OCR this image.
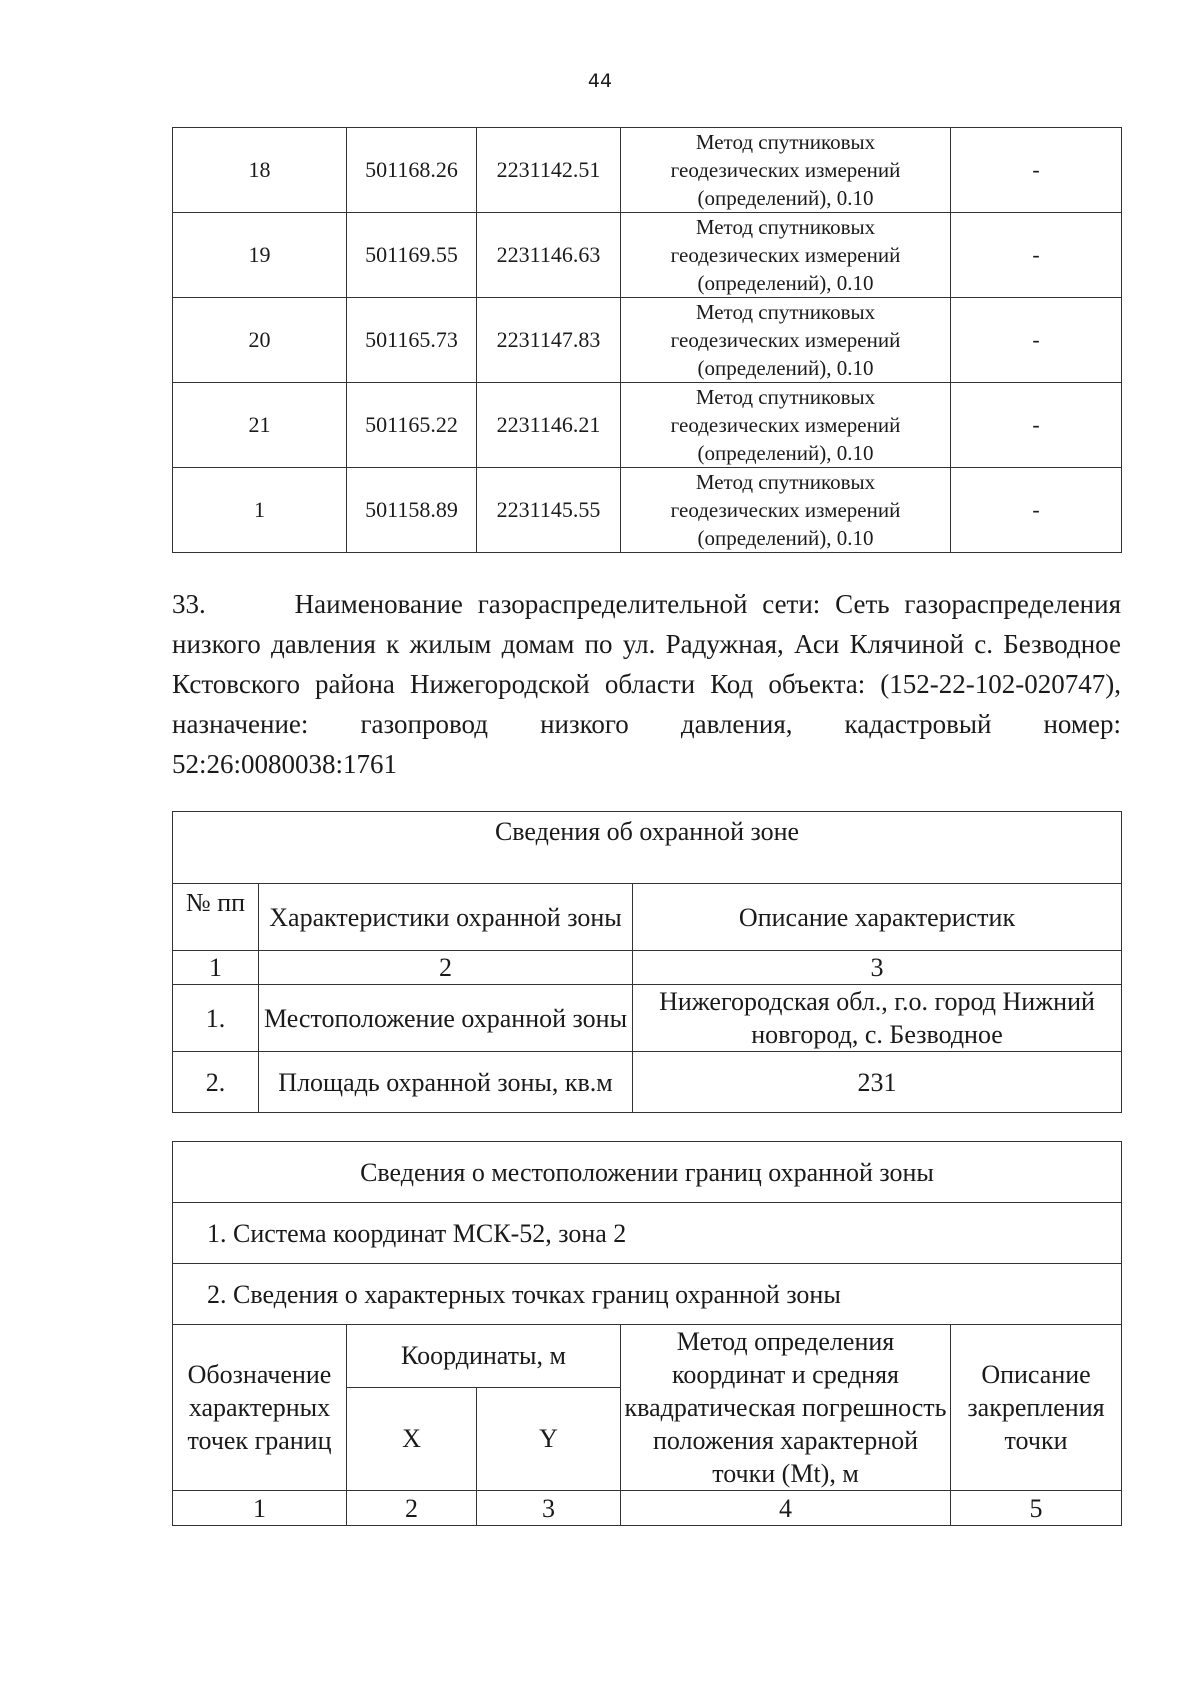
44
18	501168.26	2231142.51	Метод спутниковых
геодезических измерений
(определений), 0.10	-
19	501169.55	2231146.63	Метод спутниковых
геодезических измерений
(определений), 0.10	-
20	501165.73	2231147.83	Метод спутниковых
геодезических измерений
(определений), 0.10	-
21	501165.22	2231146.21	Метод спутниковых
геодезических измерений
(определений), 0.10	-
1	501158.89	2231145.55	Метод спутниковых
геодезических измерений
(определений), 0.10	-

33.      Наименование газораспределительной сети: Сеть газораспределения низкого давления к жилым домам по ул. Радужная, Аси Клячиной с. Безводное Кстовского района Нижегородской области Код объекта: (152-22-102-020747), назначение: газопровод низкого давления, кадастровый номер:

52:26:0080038:1761

Сведения об охранной зоне		
№ пп	Характеристики охранной зоны	Описание характеристик
1	2	3
1.	Местоположение охранной зоны	Нижегородская обл., г.о. город Нижний новгород, с. Безводное
2.	Площадь охранной зоны, кв.м	231
Сведения о местоположении границ охранной зоны				
1. Система координат МСК-52, зона 2				
2. Сведения о характерных точках границ охранной зоны				
Обозначение характерных точек границ	Координаты, м		Метод определения координат и средняя квадратическая погрешность положения характерной точки (Mt), м	Описание закрепления точки
	X	Y		
1	2	3	4	5
